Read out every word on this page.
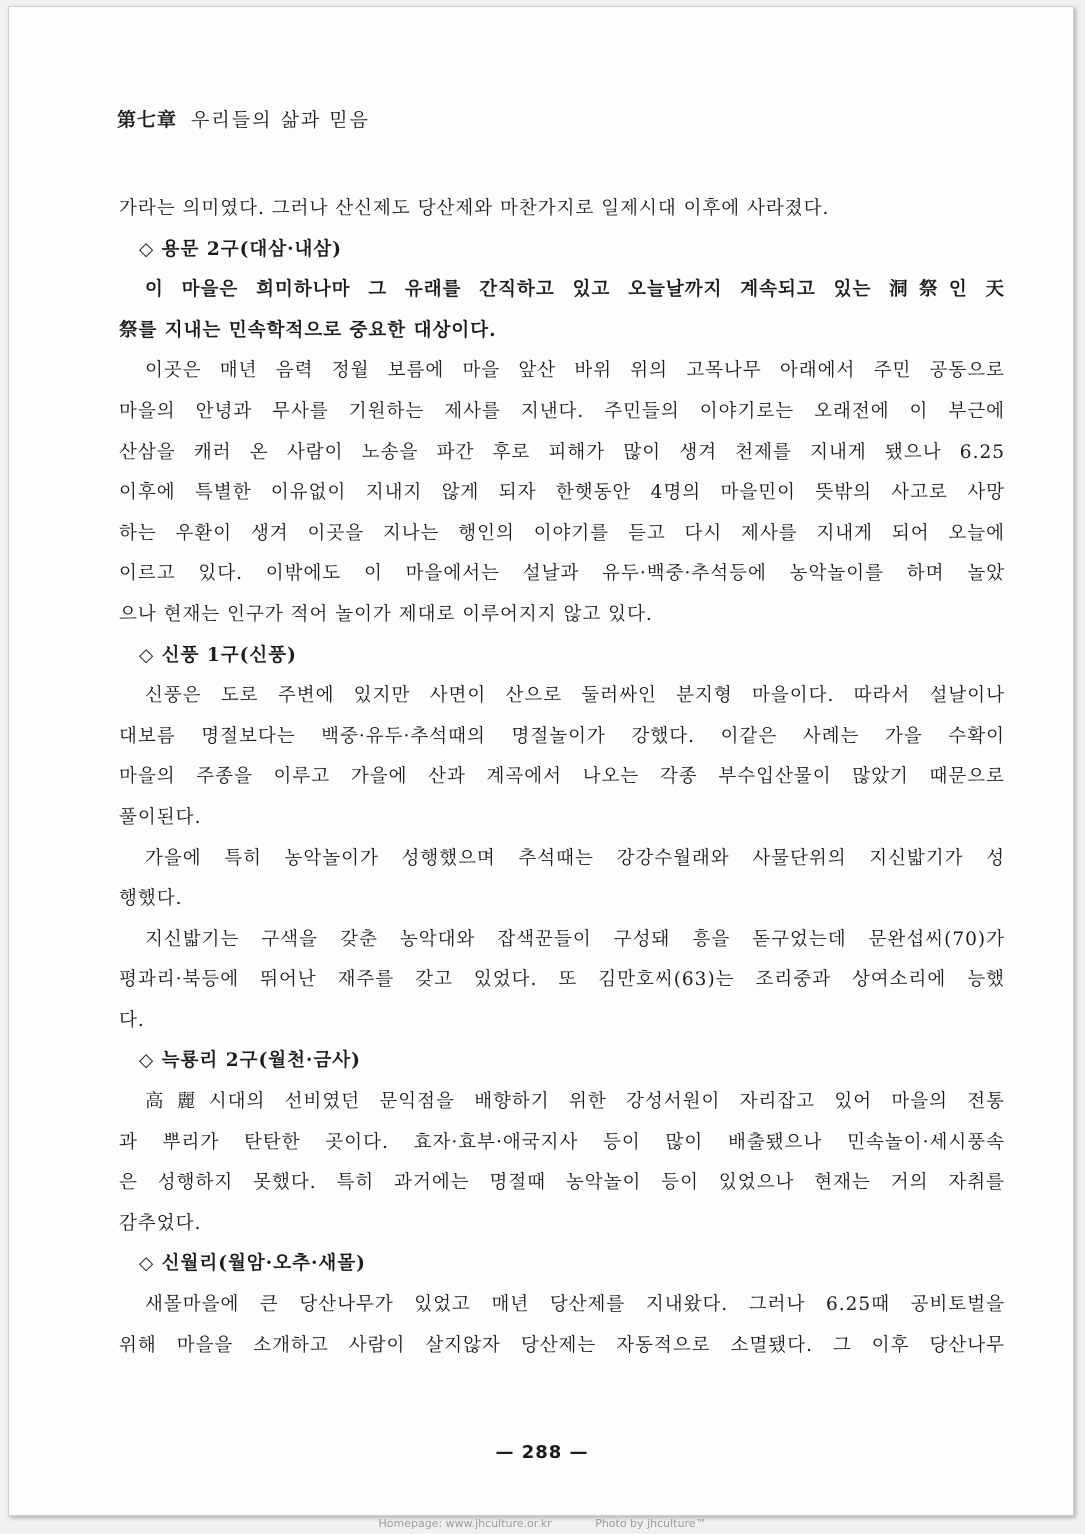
第七章 우리들의 삶과 믿음
가라는 의미였다. 그러나 산신제도 당산제와 마찬가지로 일제시대 이후에 사라졌다.
◇ 용문 2구(대삼·내삼)
이 마을은 희미하나마 그 유래를 간직하고 있고 오늘날까지 계속되고 있는 洞祭인 天
祭를 지내는 민속학적으로 중요한 대상이다.
이곳은 매년 음력 정월 보름에 마을 앞산 바위 위의 고목나무 아래에서 주민 공동으로
마을의 안녕과 무사를 기원하는 제사를 지낸다. 주민들의 이야기로는 오래전에 이 부근에
산삼을 캐러 온 사람이 노송을 파간 후로 피해가 많이 생겨 천제를 지내게 됐으나 6.25
이후에 특별한 이유없이 지내지 않게 되자 한햇동안 4명의 마을민이 뜻밖의 사고로 사망
하는 우환이 생겨 이곳을 지나는 행인의 이야기를 듣고 다시 제사를 지내게 되어 오늘에
이르고 있다. 이밖에도 이 마을에서는 설날과 유두·백중·추석등에 농악놀이를 하며 놀았
으나 현재는 인구가 적어 놀이가 제대로 이루어지지 않고 있다.
◇ 신풍 1구(신풍)
신풍은 도로 주변에 있지만 사면이 산으로 둘러싸인 분지형 마을이다. 따라서 설날이나
대보름 명절보다는 백중·유두·추석때의 명절놀이가 강했다. 이같은 사례는 가을 수확이
마을의 주종을 이루고 가을에 산과 계곡에서 나오는 각종 부수입산물이 많았기 때문으로
풀이된다.
가을에 특히 농악놀이가 성행했으며 추석때는 강강수월래와 사물단위의 지신밟기가 성
행했다.
지신밟기는 구색을 갖춘 농악대와 잡색꾼들이 구성돼 흥을 돋구었는데 문완섭씨(70)가
평과리·북등에 뛰어난 재주를 갖고 있었다. 또 김만호씨(63)는 조리중과 상여소리에 능했
다.
◇ 늑룡리 2구(월천·금사)
高麗시대의 선비였던 문익점을 배향하기 위한 강성서원이 자리잡고 있어 마을의 전통
과 뿌리가 탄탄한 곳이다. 효자·효부·애국지사 등이 많이 배출됐으나 민속놀이·세시풍속
은 성행하지 못했다. 특히 과거에는 명절때 농악놀이 등이 있었으나 현재는 거의 자취를
감추었다.
◇ 신월리(월암·오추·새몰)
새몰마을에 큰 당산나무가 있었고 매년 당산제를 지내왔다. 그러나 6.25때 공비토벌을
위해 마을을 소개하고 사람이 살지않자 당산제는 자동적으로 소멸됐다. 그 이후 당산나무
— 288 —
Homepage: www.jhculture.or.kr	Photo by jhculture™
